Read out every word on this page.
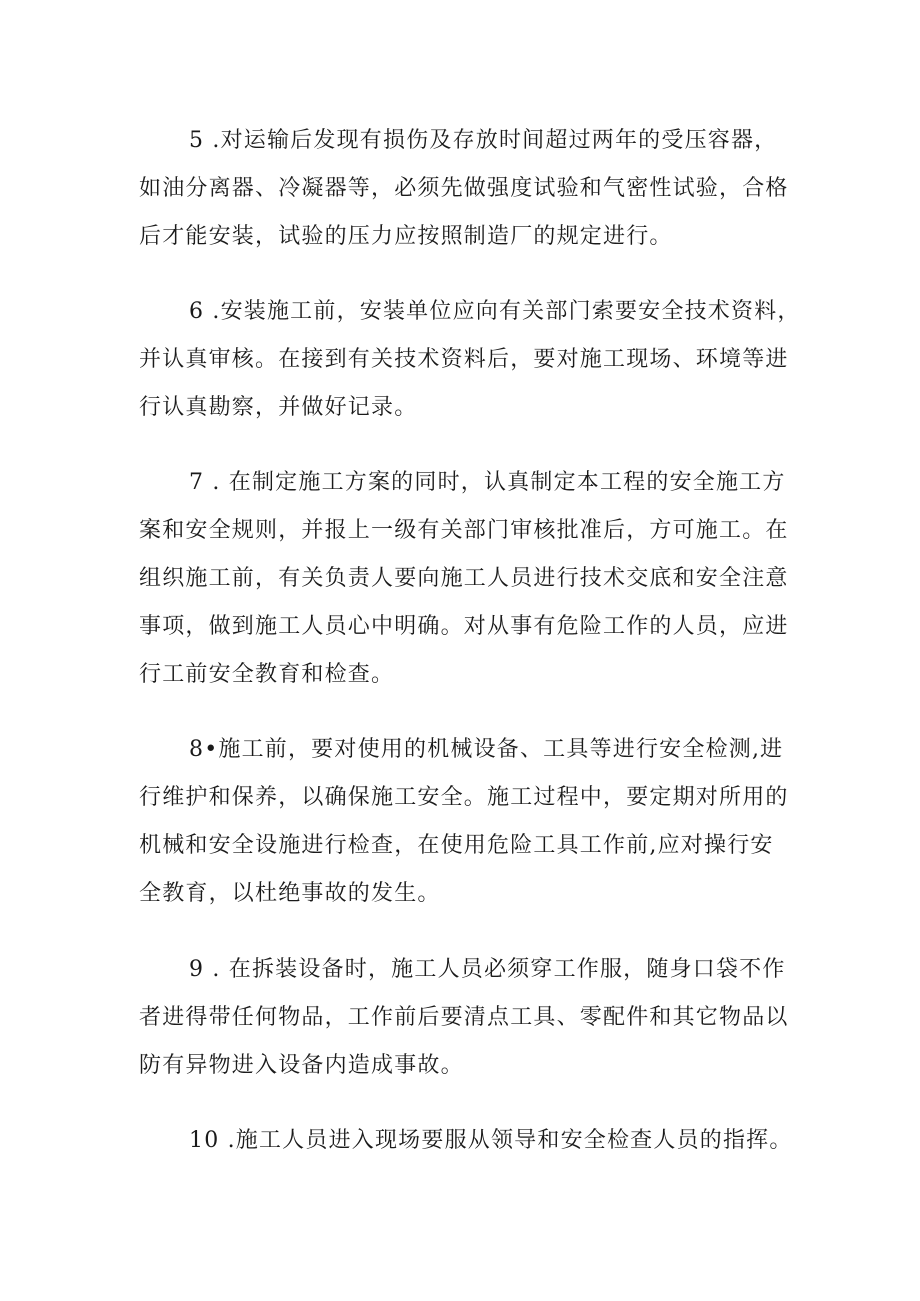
5 .对运输后发现有损伤及存放时间超过两年的受压容器，
如油分离器、冷凝器等，必须先做强度试验和气密性试验，合格
后才能安装，试验的压力应按照制造厂的规定进行。

6 .安装施工前，安装单位应向有关部门索要安全技术资料，
并认真审核。在接到有关技术资料后，要对施工现场、环境等进
行认真勘察，并做好记录。

7 . 在制定施工方案的同时，认真制定本工程的安全施工方
案和安全规则，并报上一级有关部门审核批准后，方可施工。在
组织施工前，有关负责人要向施工人员进行技术交底和安全注意
事项，做到施工人员心中明确。对从事有危险工作的人员，应进
行工前安全教育和检查。

8•施工前，要对使用的机械设备、工具等进行安全检测,进
行维护和保养，以确保施工安全。施工过程中，要定期对所用的
机械和安全设施进行检查，在使用危险工具工作前,应对操行安
全教育，以杜绝事故的发生。

9 . 在拆装设备时，施工人员必须穿工作服，随身口袋不作
者进得带任何物品，工作前后要清点工具、零配件和其它物品以
防有异物进入设备内造成事故。

10 .施工人员进入现场要服从领导和安全检查人员的指挥。
